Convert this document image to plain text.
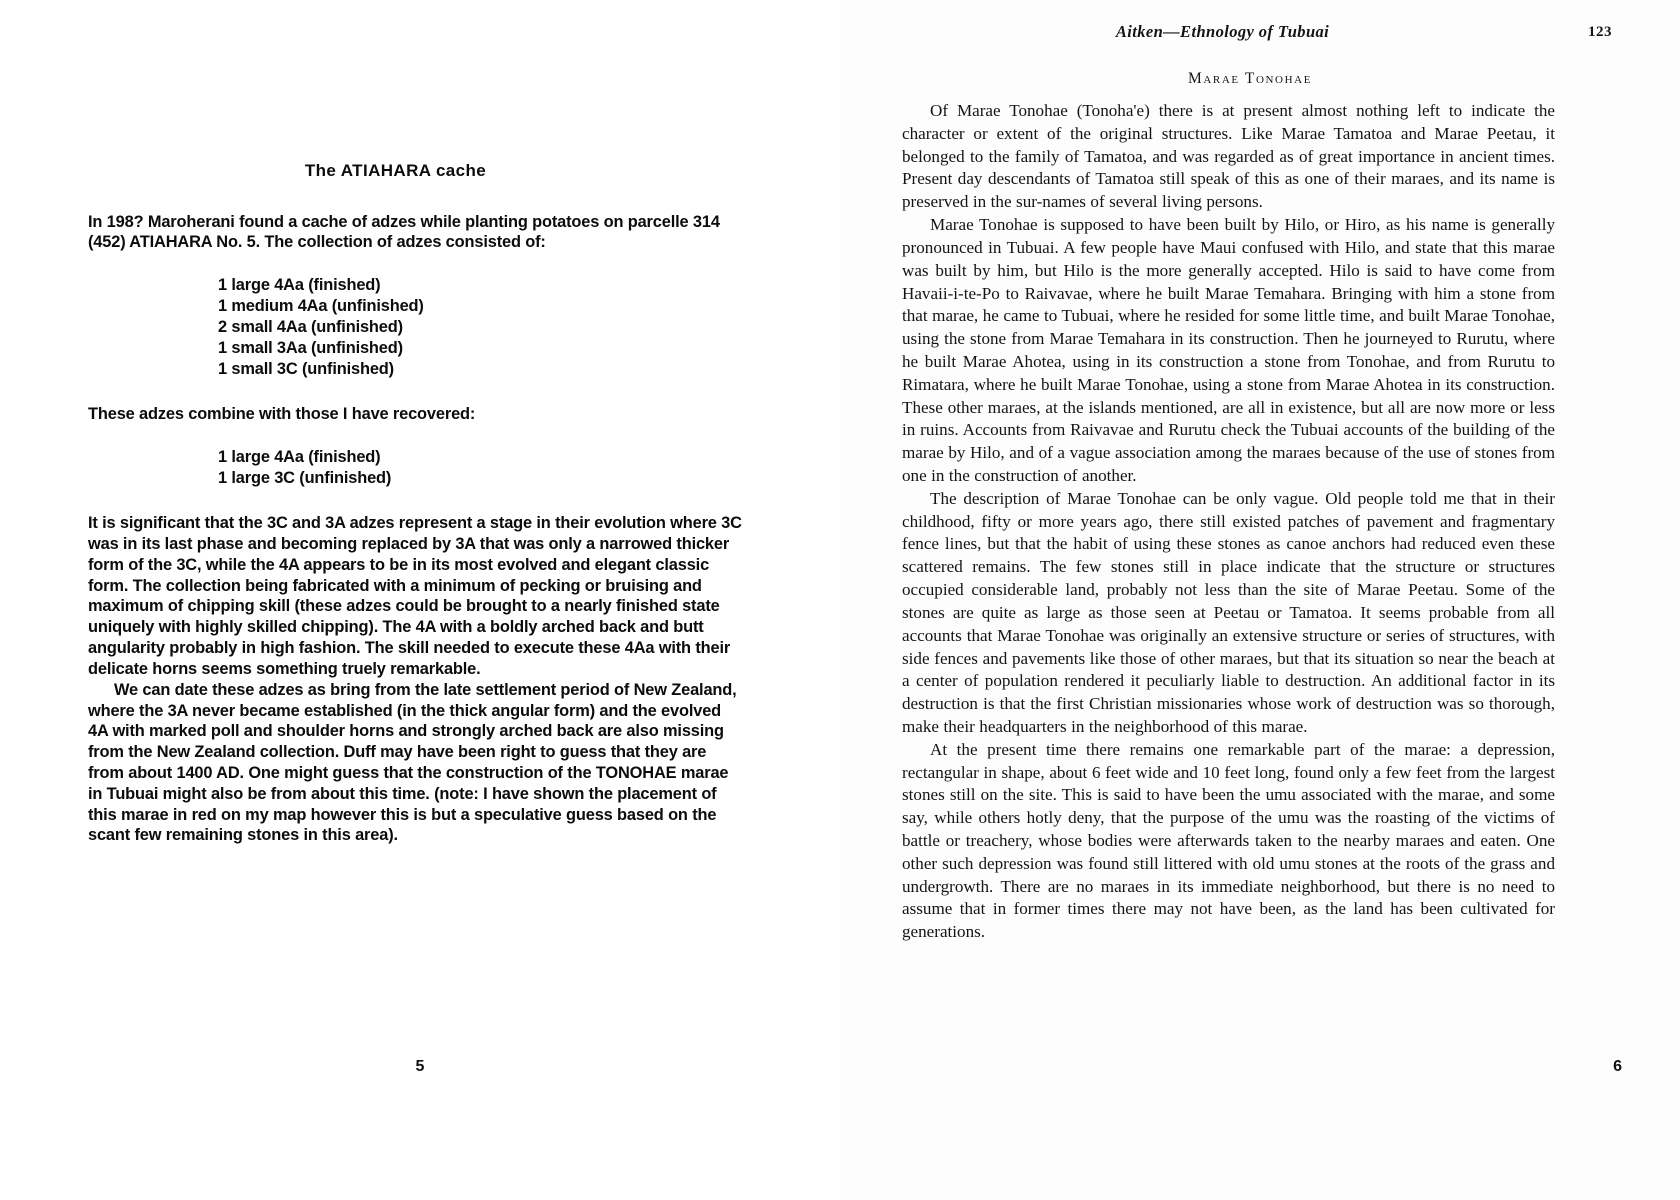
The ATIAHARA cache

In 198? Maroherani found a cache of adzes while planting potatoes on parcelle 314 (452) ATIAHARA No. 5. The collection of adzes consisted of:

1 large 4Aa (finished)
1 medium 4Aa (unfinished)
2 small 4Aa (unfinished)
1 small 3Aa (unfinished)
1 small 3C (unfinished)

These adzes combine with those I have recovered:

1 large 4Aa (finished)
1 large 3C (unfinished)

It is significant that the 3C and 3A adzes represent a stage in their evolution where 3C was in its last phase and becoming replaced by 3A that was only a narrowed thicker form of the 3C, while the 4A appears to be in its most evolved and elegant classic form. The collection being fabricated with a minimum of pecking or bruising and maximum of chipping skill (these adzes could be brought to a nearly finished state uniquely with highly skilled chipping). The 4A with a boldly arched back and butt angularity probably in high fashion. The skill needed to execute these 4Aa with their delicate horns seems something truely remarkable.

We can date these adzes as bring from the late settlement period of New Zealand, where the 3A never became established (in the thick angular form) and the evolved 4A with marked poll and shoulder horns and strongly arched back are also missing from the New Zealand collection. Duff may have been right to guess that they are from about 1400 AD. One might guess that the construction of the TONOHAE marae in Tubuai might also be from about this time. (note: I have shown the placement of this marae in red on my map however this is but a speculative guess based on the scant few remaining stones in this area).

5
Aitken—Ethnology of Tubuai	123
Marae Tonohae

Of Marae Tonohae (Tonoha'e) there is at present almost nothing left to indicate the character or extent of the original structures. Like Marae Tamatoa and Marae Peetau, it belonged to the family of Tamatoa, and was regarded as of great importance in ancient times. Present day descendants of Tamatoa still speak of this as one of their maraes, and its name is preserved in the sur-names of several living persons.

Marae Tonohae is supposed to have been built by Hilo, or Hiro, as his name is generally pronounced in Tubuai. A few people have Maui confused with Hilo, and state that this marae was built by him, but Hilo is the more generally accepted. Hilo is said to have come from Havaii-i-te-Po to Raivavae, where he built Marae Temahara. Bringing with him a stone from that marae, he came to Tubuai, where he resided for some little time, and built Marae Tonohae, using the stone from Marae Temahara in its construction. Then he journeyed to Rurutu, where he built Marae Ahotea, using in its construction a stone from Tonohae, and from Rurutu to Rimatara, where he built Marae Tonohae, using a stone from Marae Ahotea in its construction. These other maraes, at the islands mentioned, are all in existence, but all are now more or less in ruins. Accounts from Raivavae and Rurutu check the Tubuai accounts of the building of the marae by Hilo, and of a vague association among the maraes because of the use of stones from one in the construction of another.

The description of Marae Tonohae can be only vague. Old people told me that in their childhood, fifty or more years ago, there still existed patches of pavement and fragmentary fence lines, but that the habit of using these stones as canoe anchors had reduced even these scattered remains. The few stones still in place indicate that the structure or structures occupied considerable land, probably not less than the site of Marae Peetau. Some of the stones are quite as large as those seen at Peetau or Tamatoa. It seems probable from all accounts that Marae Tonohae was originally an extensive structure or series of structures, with side fences and pavements like those of other maraes, but that its situation so near the beach at a center of population rendered it peculiarly liable to destruction. An additional factor in its destruction is that the first Christian missionaries whose work of destruction was so thorough, make their headquarters in the neighborhood of this marae.

At the present time there remains one remarkable part of the marae: a depression, rectangular in shape, about 6 feet wide and 10 feet long, found only a few feet from the largest stones still on the site. This is said to have been the umu associated with the marae, and some say, while others hotly deny, that the purpose of the umu was the roasting of the victims of battle or treachery, whose bodies were afterwards taken to the nearby maraes and eaten. One other such depression was found still littered with old umu stones at the roots of the grass and undergrowth. There are no maraes in its immediate neighborhood, but there is no need to assume that in former times there may not have been, as the land has been cultivated for generations.

6
